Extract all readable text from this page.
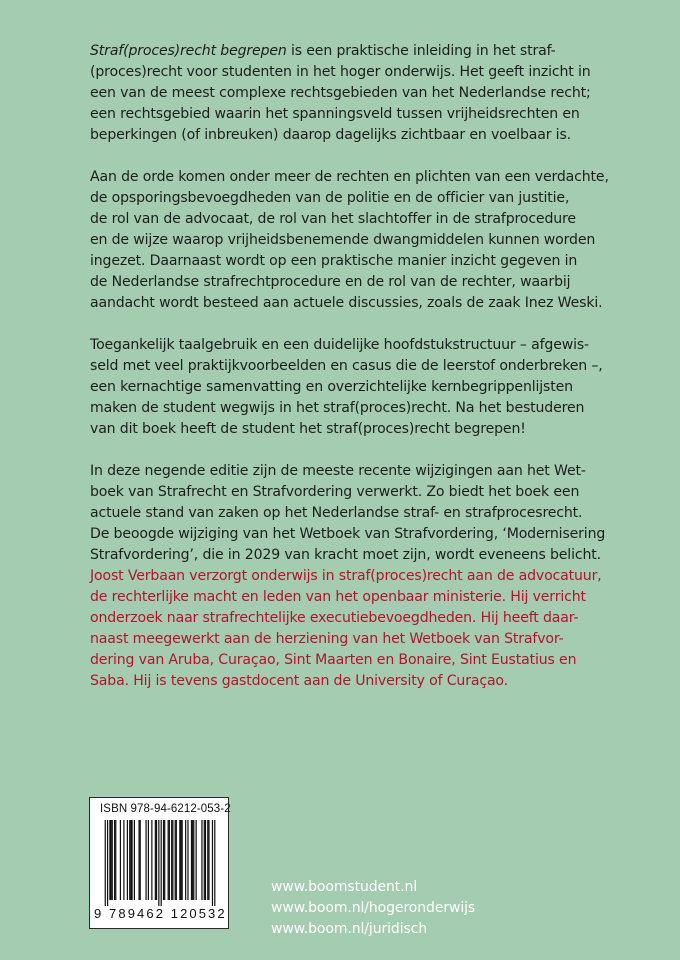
Straf(proces)recht begrepen is een praktische inleiding in het straf-
(proces)recht voor studenten in het hoger onderwijs. Het geeft inzicht in
een van de meest complexe rechtsgebieden van het Nederlandse recht;
een rechtsgebied waarin het spanningsveld tussen vrijheidsrechten en
beperkingen (of inbreuken) daarop dagelijks zichtbaar en voelbaar is.
Aan de orde komen onder meer de rechten en plichten van een verdachte,
de opsporingsbevoegdheden van de politie en de officier van justitie,
de rol van de advocaat, de rol van het slachtoffer in de strafprocedure
en de wijze waarop vrijheidsbenemende dwangmiddelen kunnen worden
ingezet. Daarnaast wordt op een praktische manier inzicht gegeven in
de Nederlandse strafrechtprocedure en de rol van de rechter, waarbij
aandacht wordt besteed aan actuele discussies, zoals de zaak Inez Weski.
Toegankelijk taalgebruik en een duidelijke hoofdstukstructuur – afgewis-
seld met veel praktijkvoorbeelden en casus die de leerstof onderbreken –,
een kernachtige samenvatting en overzichtelijke kernbegrippenlijsten
maken de student wegwijs in het straf(proces)recht. Na het bestuderen
van dit boek heeft de student het straf(proces)recht begrepen!
In deze negende editie zijn de meeste recente wijzigingen aan het Wet-
boek van Strafrecht en Strafvordering verwerkt. Zo biedt het boek een
actuele stand van zaken op het Nederlandse straf- en strafprocesrecht.
De beoogde wijziging van het Wetboek van Strafvordering, ‘Modernisering
Strafvordering’, die in 2029 van kracht moet zijn, wordt eveneens belicht.
Joost Verbaan verzorgt onderwijs in straf(proces)recht aan de advocatuur,
de rechterlijke macht en leden van het openbaar ministerie. Hij verricht
onderzoek naar strafrechtelijke executiebevoegdheden. Hij heeft daar-
naast meegewerkt aan de herziening van het Wetboek van Strafvor-
dering van Aruba, Curaçao, Sint Maarten en Bonaire, Sint Eustatius en
Saba. Hij is tevens gastdocent aan de University of Curaçao.
ISBN 978-94-6212-053-2
9 789462 120532
www.boomstudent.nl
www.boom.nl/hogeronderwijs
www.boom.nl/juridisch
